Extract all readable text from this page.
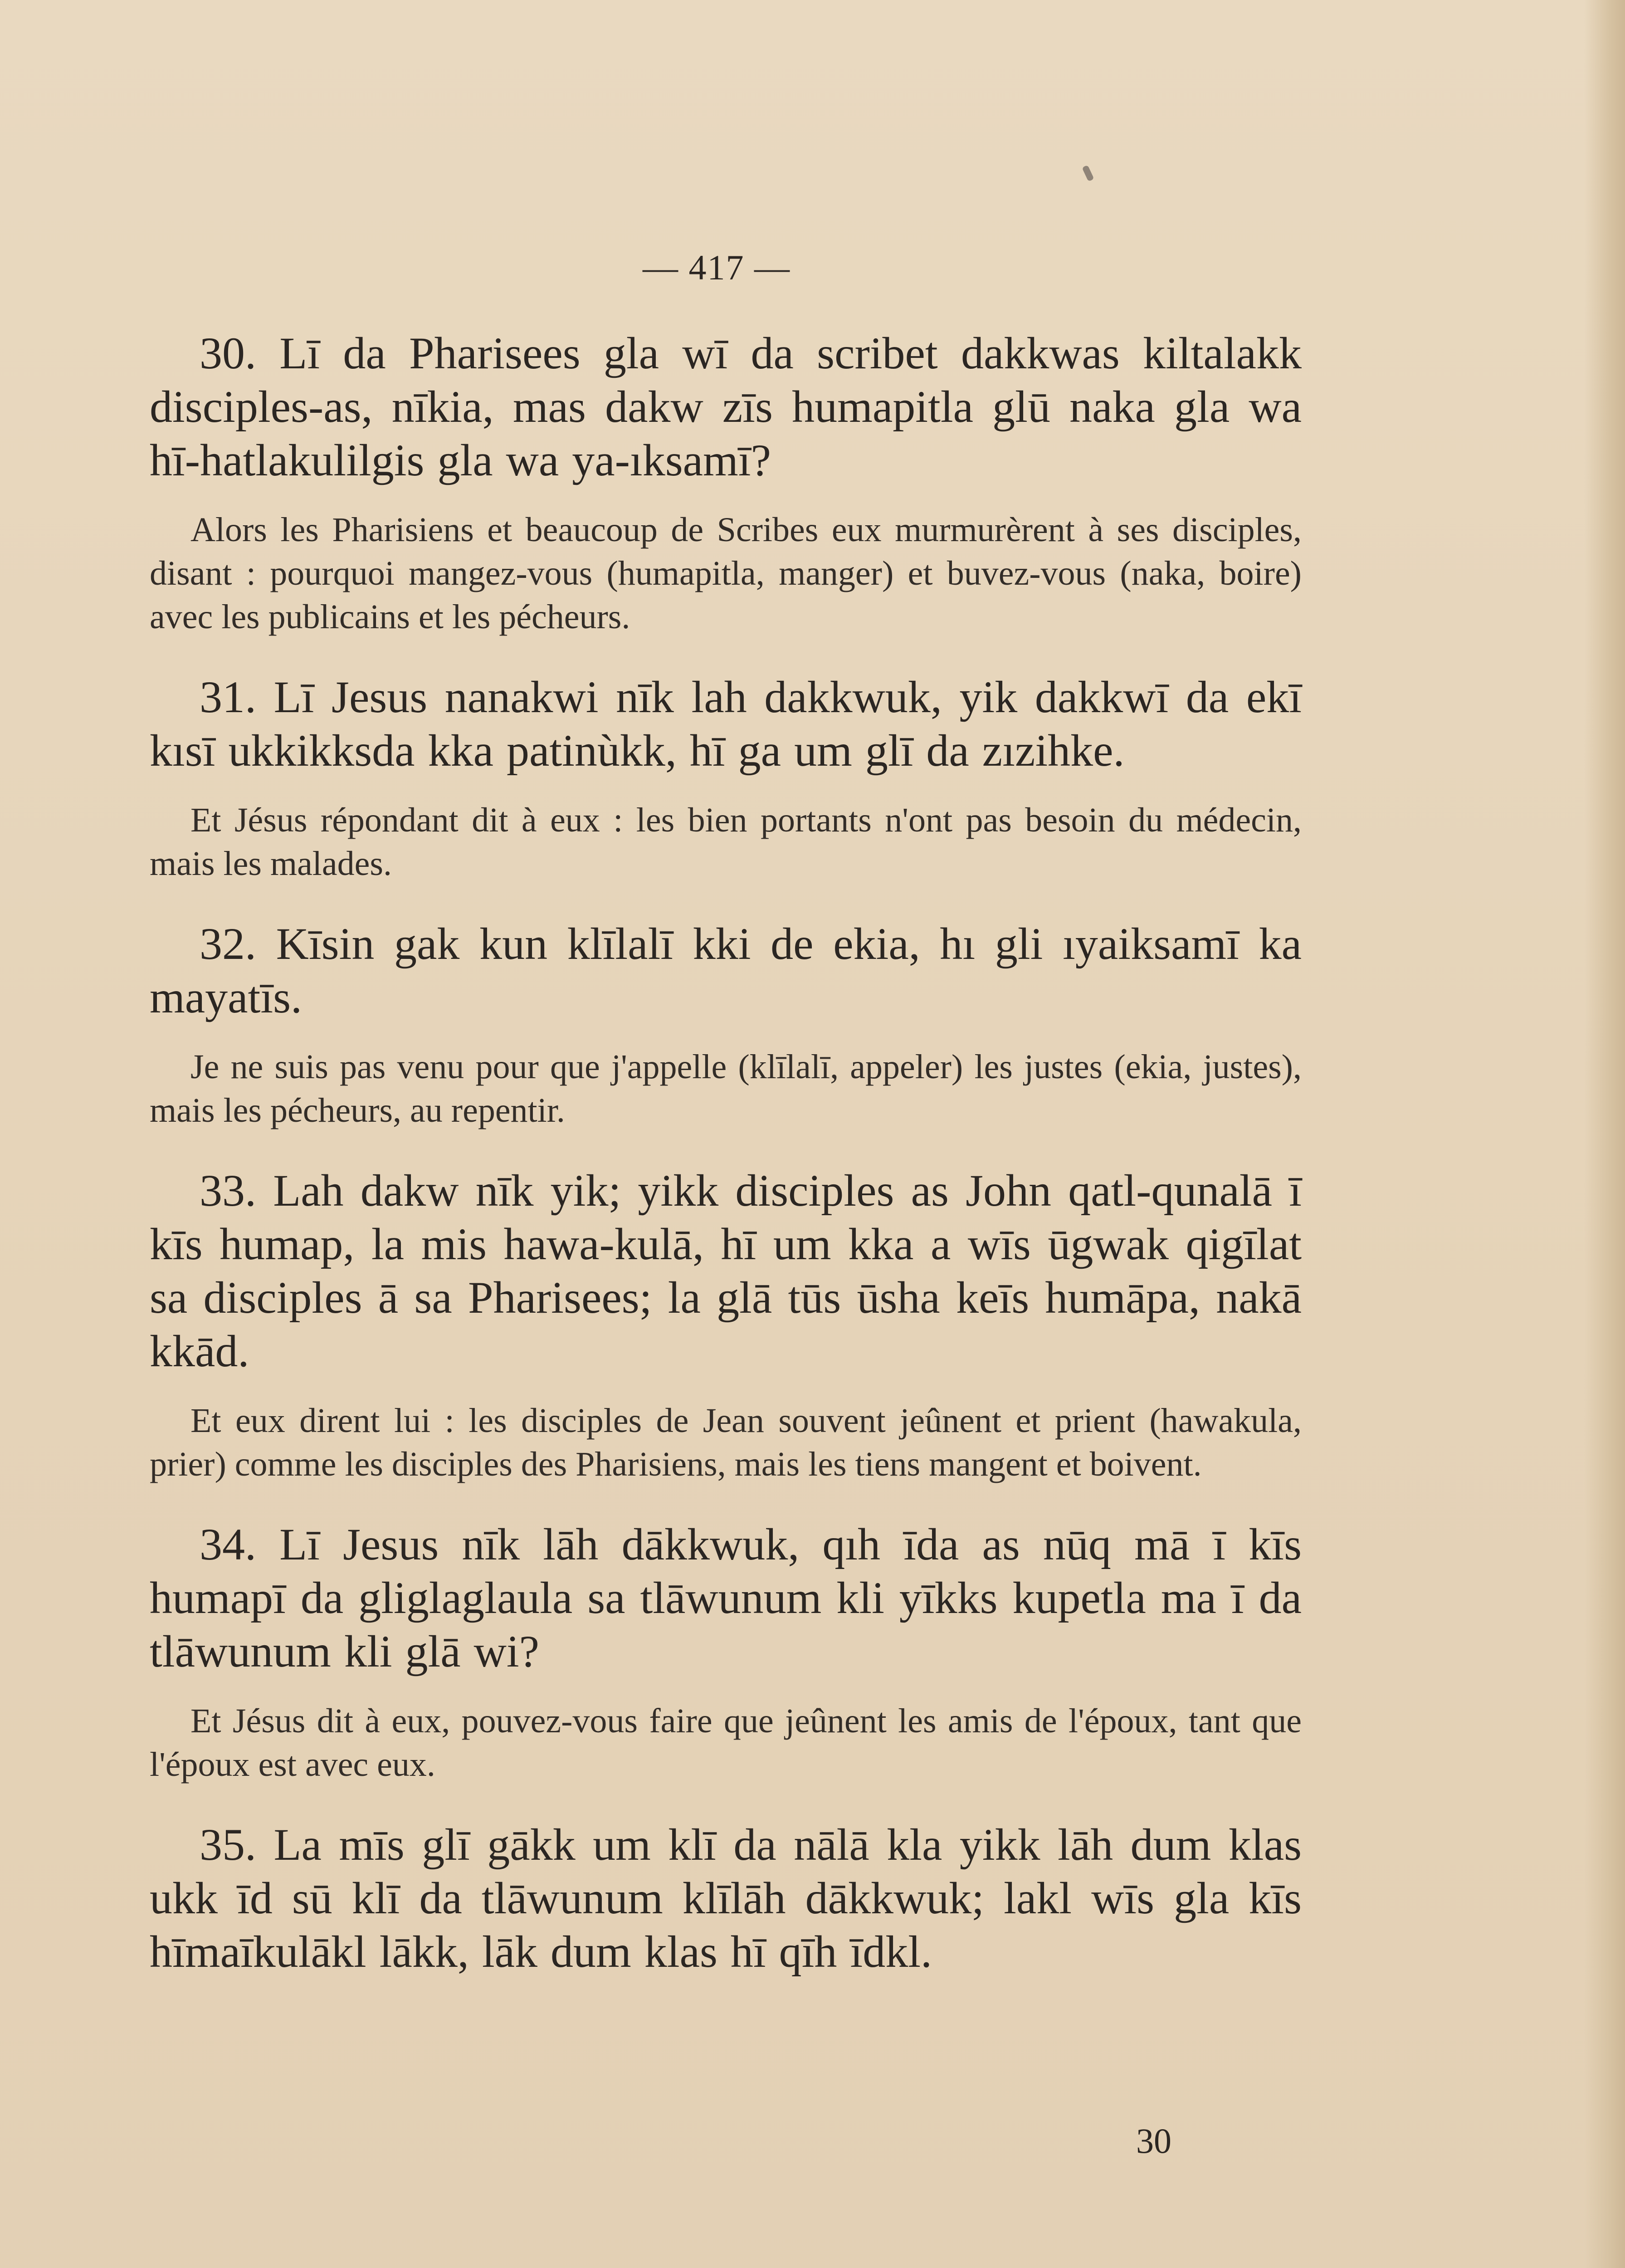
— 417 —

30. Lī da Pharisees gla wī da scribet dakkwas kiltalakk disciples-as, nīkia, mas dakw zīs humapitla glū naka gla wa hī-hatlakulilgis gla wa ya-ıksamī?

Alors les Pharisiens et beaucoup de Scribes eux murmurèrent à ses disciples, disant : pourquoi mangez-vous (humapitla, manger) et buvez-vous (naka, boire) avec les publicains et les pécheurs.

31. Lī Jesus nanakwi nīk lah dakkwuk, yik dakkwī da ekī kısī ukkikksda kka patinùkk, hī ga um glī da zızihke.

Et Jésus répondant dit à eux : les bien portants n'ont pas besoin du médecin, mais les malades.

32. Kīsin gak kun klīlalī kki de ekia, hı gli ıyaiksamī ka mayatīs.

Je ne suis pas venu pour que j'appelle (klīlalī, appeler) les justes (ekia, justes), mais les pécheurs, au repentir.

33. Lah dakw nīk yik; yikk disciples as John qatl-qunalā ī kīs humap, la mis hawa-kulā, hī um kka a wīs ūgwak qigīlat sa disciples ā sa Pharisees; la glā tūs ūsha keīs humāpa, nakā kkād.

Et eux dirent lui : les disciples de Jean souvent jeûnent et prient (hawakula, prier) comme les disciples des Pharisiens, mais les tiens mangent et boivent.

34. Lī Jesus nīk lāh dākkwuk, qıh īda as nūq mā ī kīs humapī da gliglaglaula sa tlāwunum kli yīkks kupetla ma ī da tlāwunum kli glā wi?

Et Jésus dit à eux, pouvez-vous faire que jeûnent les amis de l'époux, tant que l'époux est avec eux.

35. La mīs glī gākk um klī da nālā kla yikk lāh dum klas ukk īd sū klī da tlāwunum klīlāh dākkwuk; lakl wīs gla kīs hīmaīkulākl lākk, lāk dum klas hī qīh īdkl.

30
